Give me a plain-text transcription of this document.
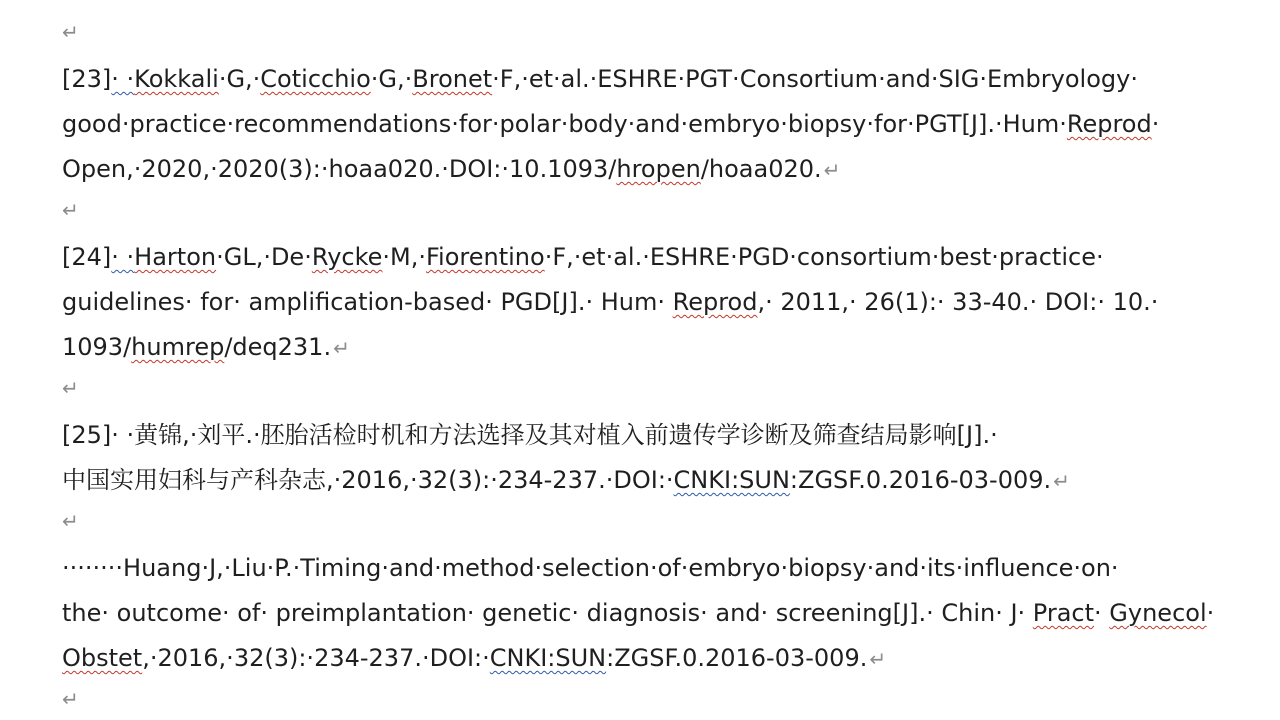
↵
↵
↵
↵
↵
[23]· ·Kokkali·G,·Coticchio·G,·Bronet·F,·et·al.·ESHRE·PGT·Consortium·and·SIG·Embryology·
good·practice·recommendations·for·polar·body·and·embryo·biopsy·for·PGT[J].·Hum·Reprod·
Open,·2020,·2020(3):·hoaa020.·DOI:·10.1093/hropen/hoaa020. ↵
[24]· ·Harton·GL,·De·Rycke·M,·Fiorentino·F,·et·al.·ESHRE·PGD·consortium·best·practice·
guidelines· for· amplification-based· PGD[J].· Hum· Reprod,· 2011,· 26(1):· 33-40.· DOI:· 10.·
1093/humrep/deq231. ↵
[25]· ·黄锦,·刘平.·胚胎活检时机和方法选择及其对植入前遗传学诊断及筛查结局影响[J].·
中国实用妇科与产科杂志,·2016,·32(3):·234-237.·DOI:·CNKI:SUN:ZGSF.0.2016-03-009. ↵
········Huang·J,·Liu·P.·Timing·and·method·selection·of·embryo·biopsy·and·its·influence·on·
the· outcome· of· preimplantation· genetic· diagnosis· and· screening[J].· Chin· J· Pract· Gynecol·
Obstet,·2016,·32(3):·234-237.·DOI:·CNKI:SUN:ZGSF.0.2016-03-009. ↵
